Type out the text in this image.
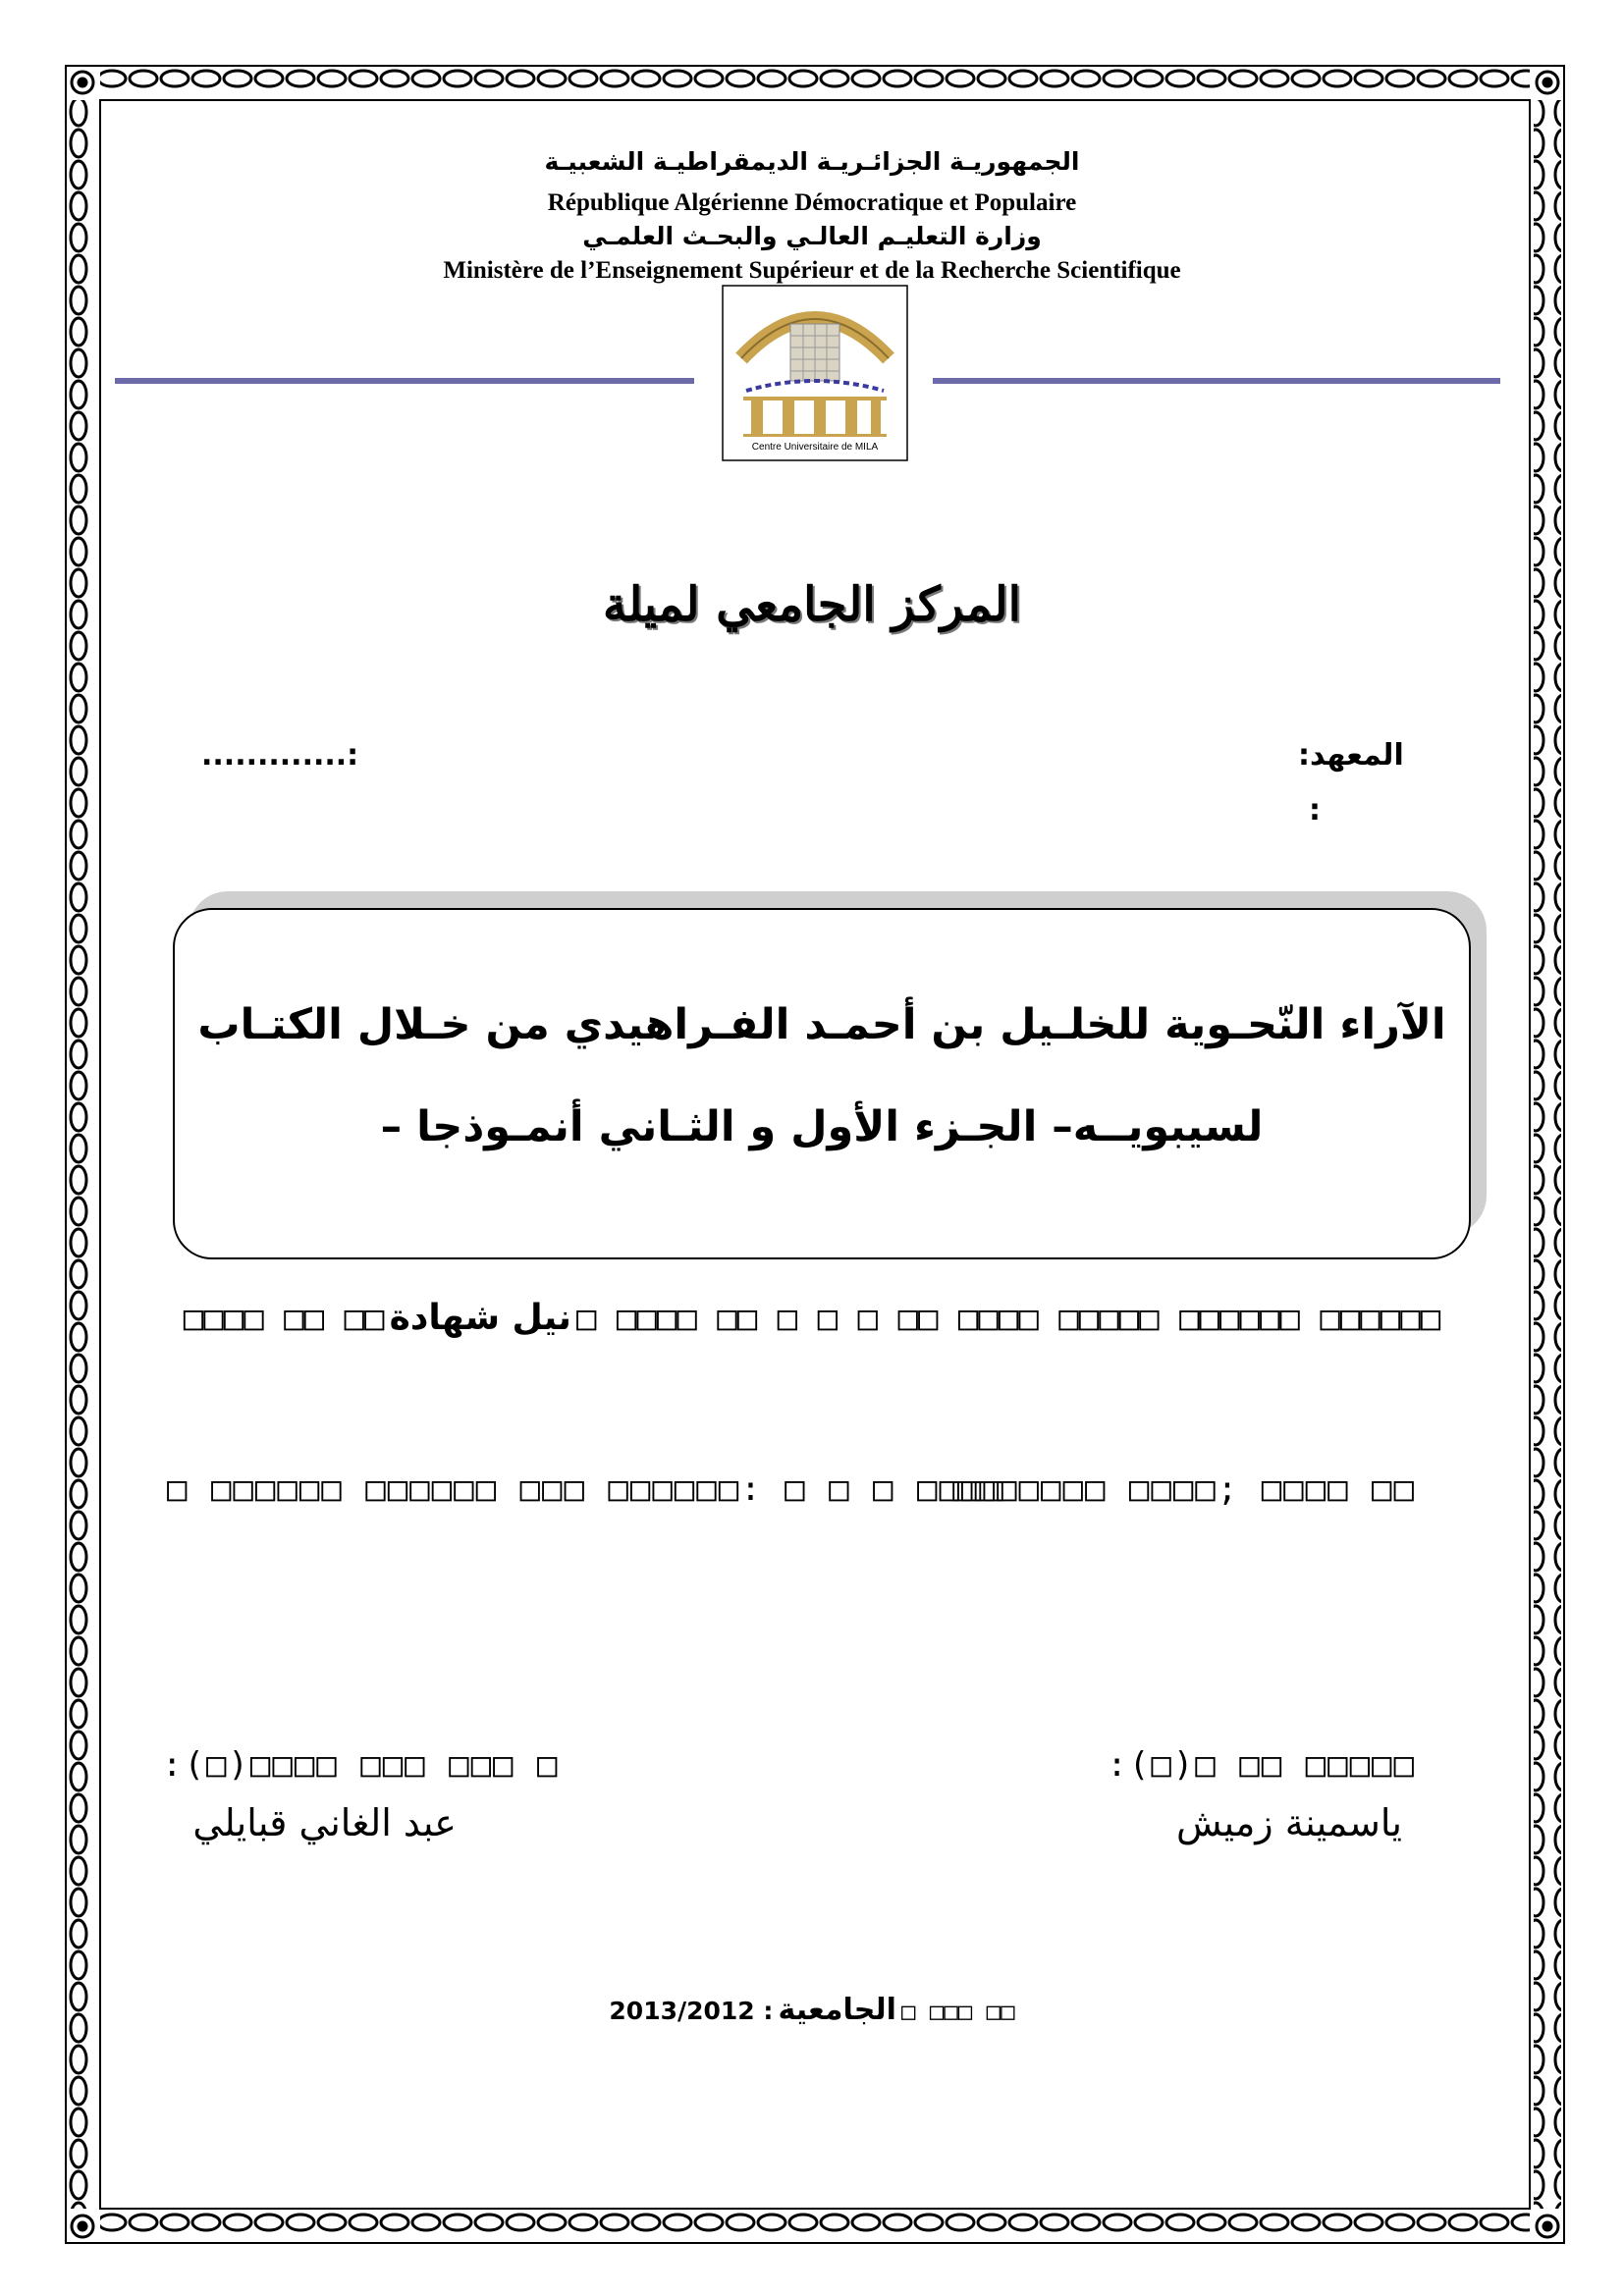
الجمهوريـة الجزائـريـة الديمقراطيـة الشعبيـة
République Algérienne Démocratique et Populaire
وزارة التعليـم العالـي والبحـث العلمـي
Ministère de l’Enseignement Supérieur et de la Recherche Scientifique
Centre Universitaire de MILA
المركز الجامعي لميلة
المعهد:
:
.............:
الآراء النّحـوية للخلـيل بن أحمـد الفـراهيدي من خـلال الكتـاب
لسيبويــه– الجـزء الأول و الثـاني أنمـوذجا –
□□□□□□ □□□□□□ □□□□□ □□□□ □□ □ □ □ □□ □□□□ □ نيل شهادة □□ □□ □□□□
□□ □□□□ ;□□□□ □□□□□□□
□□□□ □ □ □ :□□□□□□ □□□ □□□□□□ □□□□□□ □
□ □□□ □□□ □□□□(□):
عبد الغاني قبايلي
□□□□□ □□ □(□):
ياسمينة زميش
□□ □□□ □ الجامعية : 2013/2012
